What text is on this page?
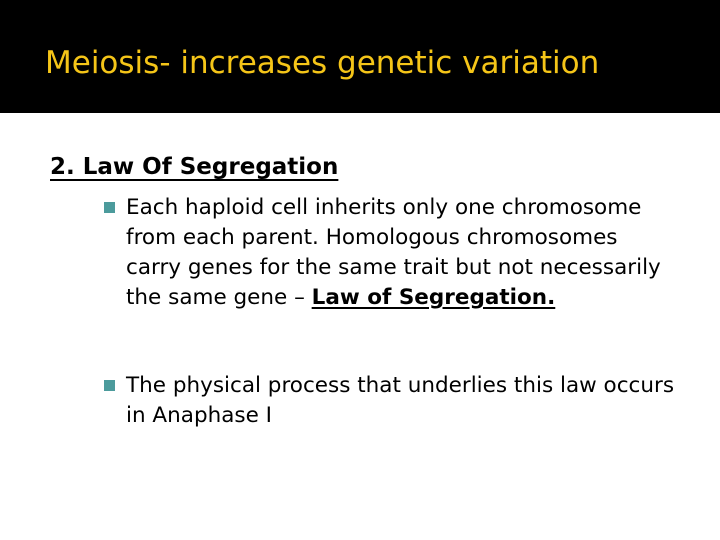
Meiosis- increases genetic variation
2. Law Of Segregation
Each haploid cell inherits only one chromosome
from each parent. Homologous chromosomes
carry genes for the same trait but not necessarily
the same gene – Law of Segregation.
The physical process that underlies this law occurs
in Anaphase I
